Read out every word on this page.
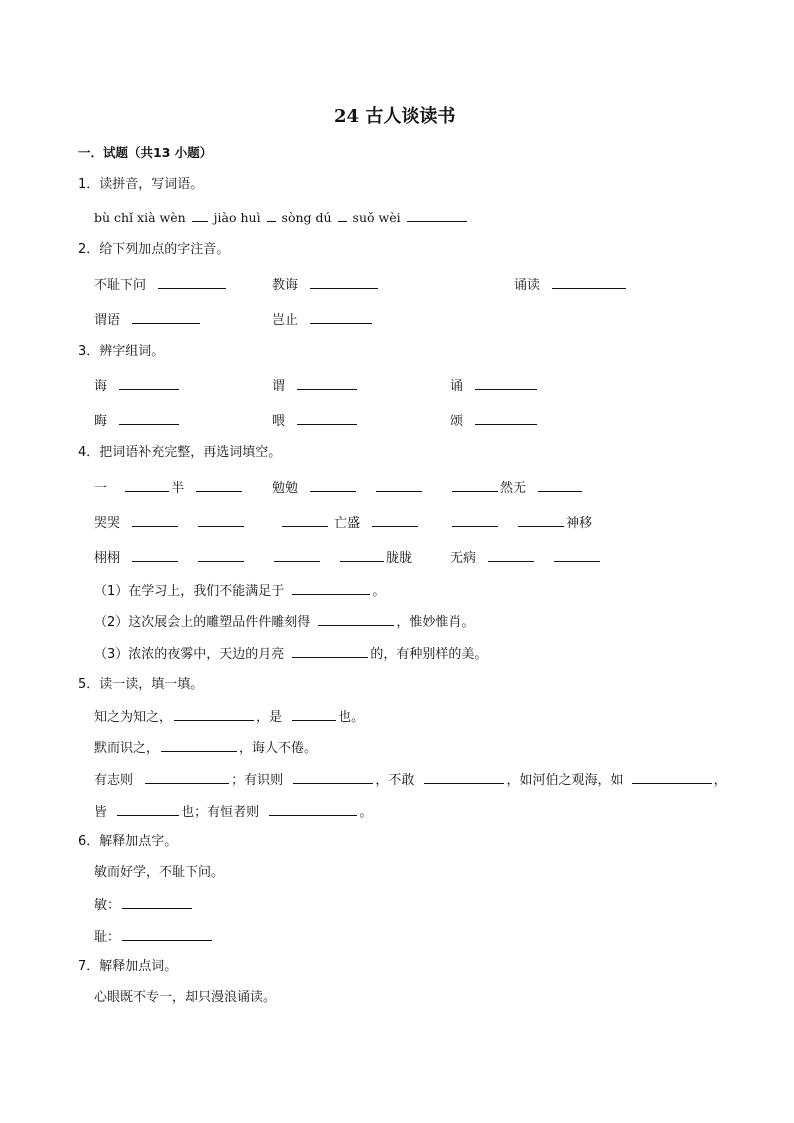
24 古人谈读书
一．试题（共13 小题）
1．读拼音，写词语。
bù chǐ xià wèn jiào huì sòng dú suǒ wèi
2．给下列加点的字注音。
不耻下问	教诲	诵读
谓语	岂止
3．辨字组词。
诲	谓	诵
晦	喂	颂
4．把词语补充完整，再选词填空。
一	半	勉勉	然无
哭哭	亡盛	神移
栩栩	胧胧	无病
（1）在学习上，我们不能满足于	。
（2）这次展会上的雕塑品件件雕刻得	，惟妙惟肖。
（3）浓浓的夜雾中，天边的月亮	的，有种别样的美。
5．读一读，填一填。
知之为知之，	，是	也。
默而识之，	，诲人不倦。
有志则	；有识则	，不敢	，如河伯之观海，如	，
皆	也；有恒者则	。
6．解释加点字。
敏而好学，不耻下问。
敏：
耻：
7．解释加点词。
心眼既不专一，却只漫浪诵读。
